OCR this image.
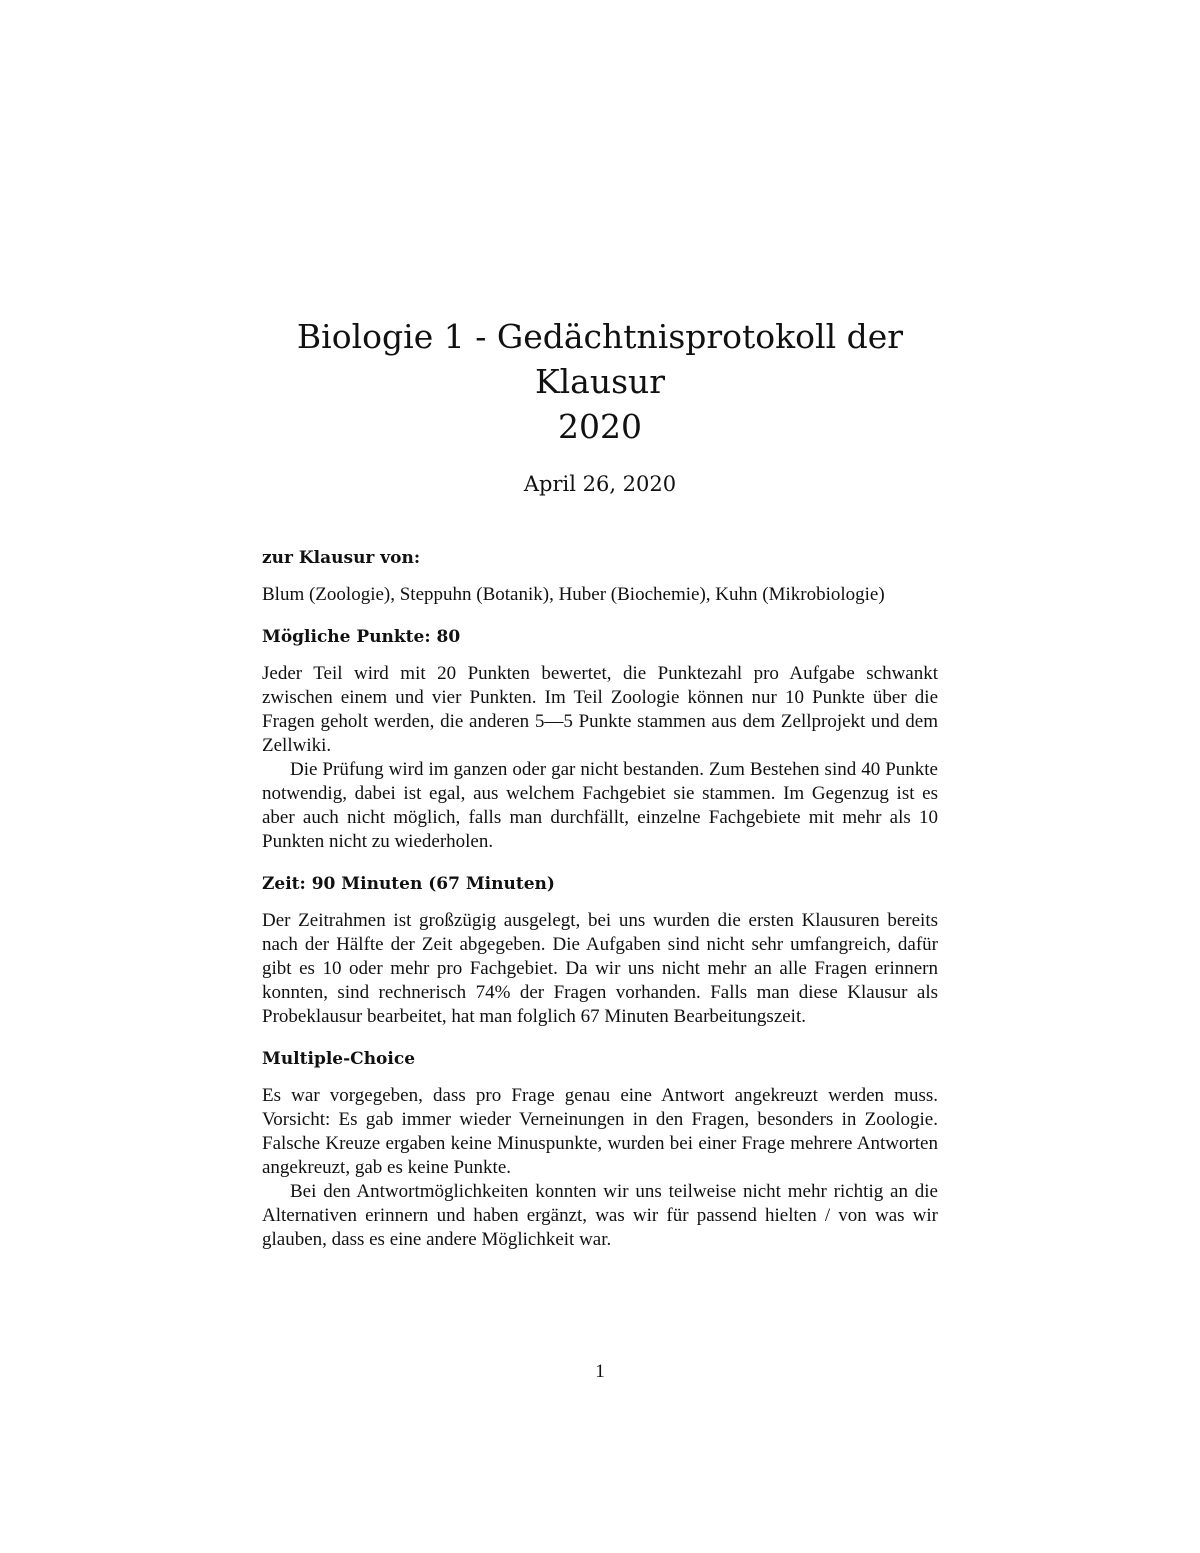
Biologie 1 - Gedächtnisprotokoll der Klausur
2020

April 26, 2020

zur Klausur von:

Blum (Zoologie), Steppuhn (Botanik), Huber (Biochemie), Kuhn (Mikrobiologie)

Mögliche Punkte: 80

Jeder Teil wird mit 20 Punkten bewertet, die Punktezahl pro Aufgabe schwankt zwischen einem und vier Punkten. Im Teil Zoologie können nur 10 Punkte über die Fragen geholt werden, die anderen 5—5 Punkte stammen aus dem Zellprojekt und dem Zellwiki.

Die Prüfung wird im ganzen oder gar nicht bestanden. Zum Bestehen sind 40 Punkte notwendig, dabei ist egal, aus welchem Fachgebiet sie stammen. Im Gegenzug ist es aber auch nicht möglich, falls man durchfällt, einzelne Fachgebiete mit mehr als 10 Punkten nicht zu wiederholen.

Zeit: 90 Minuten (67 Minuten)

Der Zeitrahmen ist großzügig ausgelegt, bei uns wurden die ersten Klausuren bereits nach der Hälfte der Zeit abgegeben. Die Aufgaben sind nicht sehr umfangreich, dafür gibt es 10 oder mehr pro Fachgebiet. Da wir uns nicht mehr an alle Fragen erinnern konnten, sind rechnerisch 74% der Fragen vorhanden. Falls man diese Klausur als Probeklausur bearbeitet, hat man folglich 67 Minuten Bearbeitungszeit.

Multiple-Choice

Es war vorgegeben, dass pro Frage genau eine Antwort angekreuzt werden muss. Vorsicht: Es gab immer wieder Verneinungen in den Fragen, besonders in Zoologie. Falsche Kreuze ergaben keine Minuspunkte, wurden bei einer Frage mehrere Antworten angekreuzt, gab es keine Punkte.

Bei den Antwortmöglichkeiten konnten wir uns teilweise nicht mehr richtig an die Alternativen erinnern und haben ergänzt, was wir für passend hielten / von was wir glauben, dass es eine andere Möglichkeit war.

1
